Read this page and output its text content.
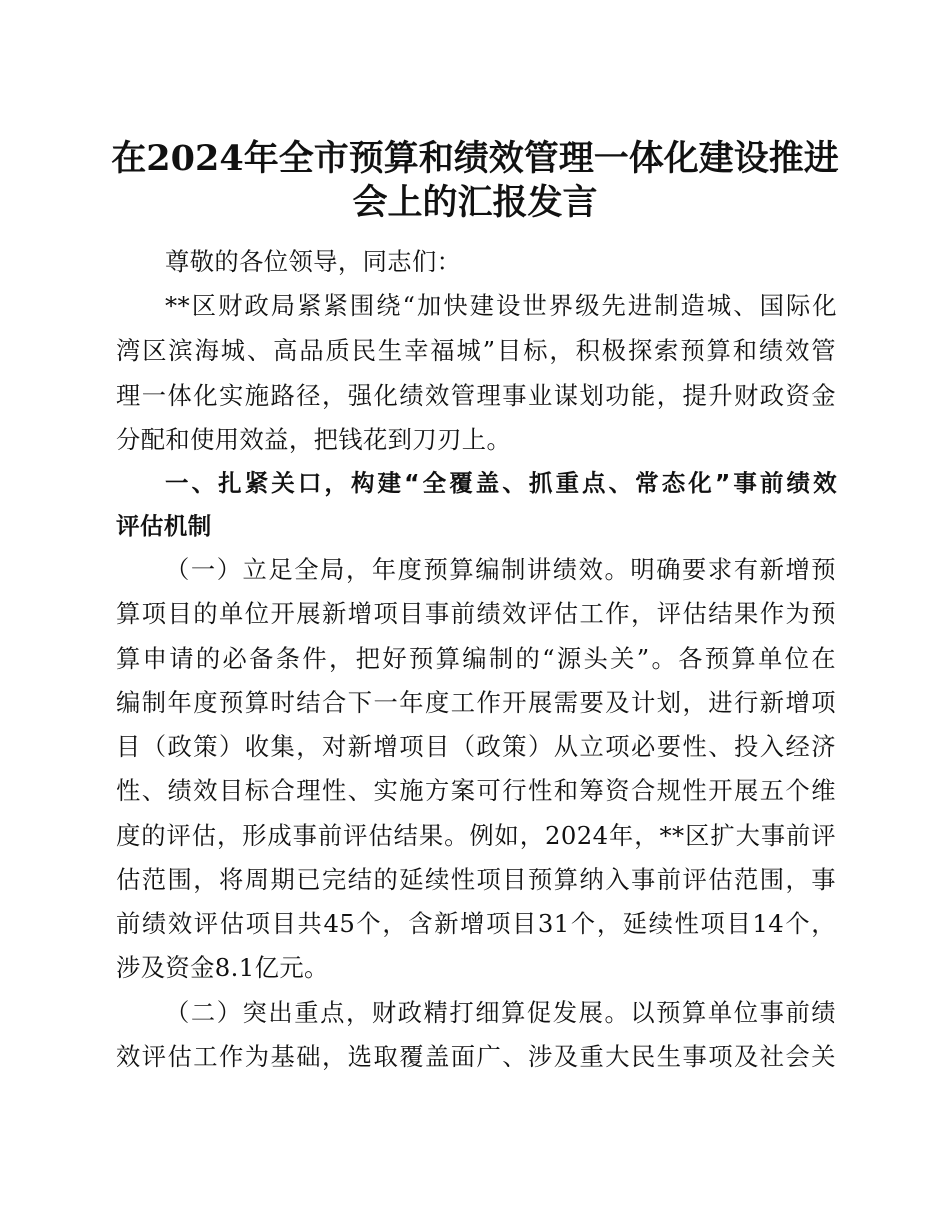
在2024年全市预算和绩效管理一体化建设推进
会上的汇报发言
尊敬的各位领导，同志们：
**区财政局紧紧围绕“加快建设世界级先进制造城、国际化
湾区滨海城、高品质民生幸福城”目标，积极探索预算和绩效管
理一体化实施路径，强化绩效管理事业谋划功能，提升财政资金
分配和使用效益，把钱花到刀刃上。
一、扎紧关口，构建“全覆盖、抓重点、常态化”事前绩效
评估机制
（一）立足全局，年度预算编制讲绩效。明确要求有新增预
算项目的单位开展新增项目事前绩效评估工作，评估结果作为预
算申请的必备条件，把好预算编制的“源头关”。各预算单位在
编制年度预算时结合下一年度工作开展需要及计划，进行新增项
目（政策）收集，对新增项目（政策）从立项必要性、投入经济
性、绩效目标合理性、实施方案可行性和筹资合规性开展五个维
度的评估，形成事前评估结果。例如，2024年，**区扩大事前评
估范围，将周期已完结的延续性项目预算纳入事前评估范围，事
前绩效评估项目共45个，含新增项目31个，延续性项目14个，
涉及资金8.1亿元。
（二）突出重点，财政精打细算促发展。以预算单位事前绩
效评估工作为基础，选取覆盖面广、涉及重大民生事项及社会关
